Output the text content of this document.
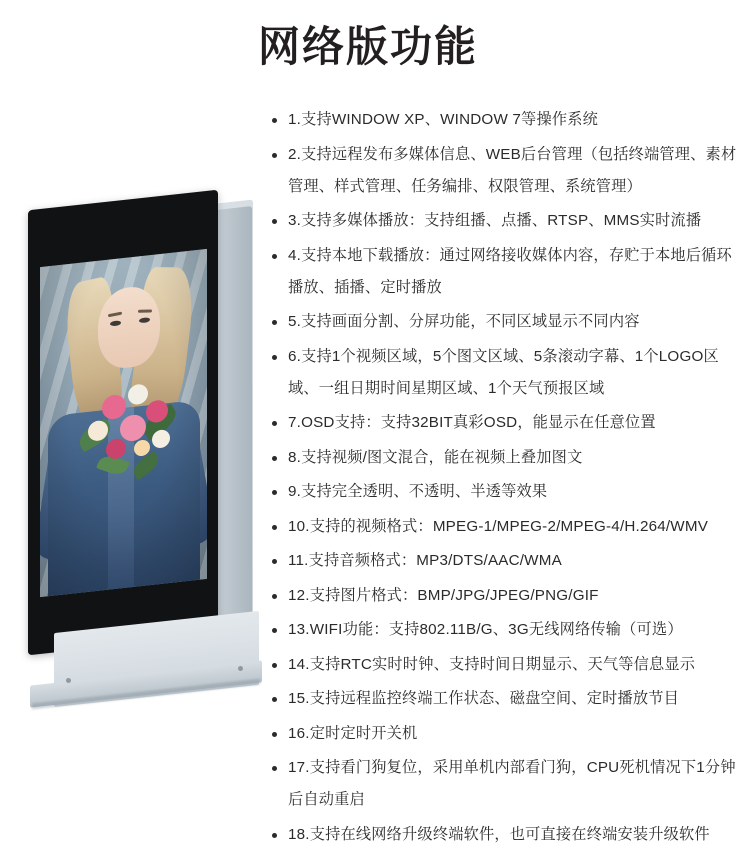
网络版功能
1.支持WINDOW XP、WINDOW 7等操作系统
2.支持远程发布多媒体信息、WEB后台管理（包括终端管理、素材管理、样式管理、任务编排、权限管理、系统管理）
3.支持多媒体播放：支持组播、点播、RTSP、MMS实时流播
4.支持本地下载播放：通过网络接收媒体内容，存贮于本地后循环播放、插播、定时播放
5.支持画面分割、分屏功能，不同区域显示不同内容
6.支持1个视频区域，5个图文区域、5条滚动字幕、1个LOGO区域、一组日期时间星期区域、1个天气预报区域
7.OSD支持：支持32BIT真彩OSD，能显示在任意位置
8.支持视频/图文混合，能在视频上叠加图文
9.支持完全透明、不透明、半透等效果
10.支持的视频格式：MPEG-1/MPEG-2/MPEG-4/H.264/WMV
11.支持音频格式：MP3/DTS/AAC/WMA
12.支持图片格式：BMP/JPG/JPEG/PNG/GIF
13.WIFI功能：支持802.11B/G、3G无线网络传输（可选）
14.支持RTC实时时钟、支持时间日期显示、天气等信息显示
15.支持远程监控终端工作状态、磁盘空间、定时播放节目
16.定时定时开关机
17.支持看门狗复位，采用单机内部看门狗，CPU死机情况下1分钟后自动重启
18.支持在线网络升级终端软件，也可直接在终端安装升级软件
